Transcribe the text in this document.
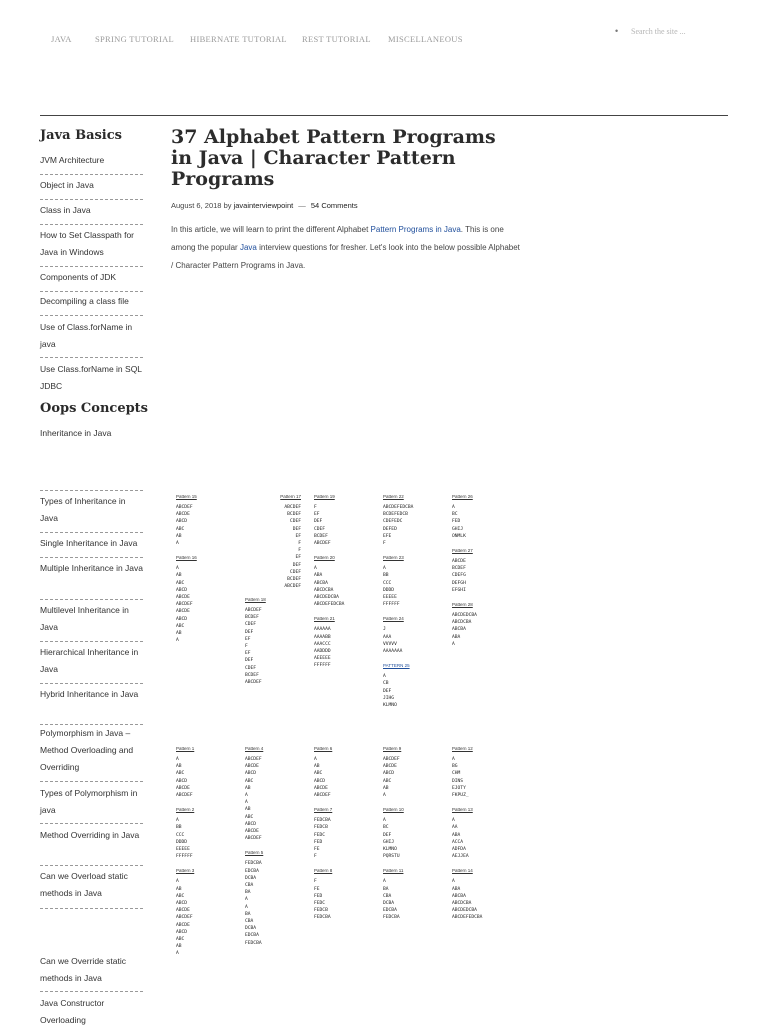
JAVA	SPRING TUTORIAL HIBERNATE TUTORIAL REST TUTORIAL MISCELLANEOUS
•
Search the site ...
Java Basics
JVM Architecture
Object in Java
Class in Java
How to Set Classpath for Java in Windows
Components of JDK
Decompiling a class file
Use of Class.forName in java
Use Class.forName in SQL JDBC
Oops Concepts
Inheritance in Java
Types of Inheritance in Java
Single Inheritance in Java
Multiple Inheritance in Java
Multilevel Inheritance in Java
Hierarchical Inheritance in Java
Hybrid Inheritance in Java
Polymorphism in Java – Method Overloading and Overriding
Types of Polymorphism in java
Method Overriding in Java
Can we Overload static methods in Java
Can we Override static methods in Java
Java Constructor Overloading
37 Alphabet Pattern Programs in Java | Character Pattern Programs
August 6, 2018 by javainterviewpoint — 54 Comments

In this article, we will learn to print the different Alphabet Pattern Programs in Java. This is one among the popular Java interview questions for fresher. Let's look into the below possible Alphabet / Character Pattern Programs in Java.

Pattern 15
ABCDEF
ABCDE
ABCD
ABC
AB
A
Pattern 16
A
AB
ABC
ABCD
ABCDE
ABCDEF
ABCDE
ABCD
ABC
AB
A
Pattern 17
ABCDEF
BCDEF
CDEF
DEF
EF
F
F
EF
DEF
CDEF
BCDEF
ABCDEF
Pattern 18
ABCDEF
BCDEF
CDEF
DEF
EF
F
EF
DEF
CDEF
BCDEF
ABCDEF
Pattern 19
F
EF
DEF
CDEF
BCDEF
ABCDEF
Pattern 20
A
ABA
ABCBA
ABCDCBA
ABCDEDCBA
ABCDEFEDCBA
Pattern 21
AAAAAA
AAAABB
AAACCC
AADDDD
AEEEEE
FFFFFF
Pattern 22
ABCDEFEDCBA
BCDEFEDCB
CDEFEDC
DEFED
EFE
F
Pattern 23
A
BB
CCC
DDDD
EEEEE
FFFFFF
Pattern 24
J
AAA
VVVVV
AAAAAAA
PATTERN 25
A
CB
DEF
JIHG
KLMNO
Pattern 26
A
BC
FED
GHIJ
ONMLK
Pattern 27
ABCDE
BCDEF
CDEFG
DEFGH
EFGHI
Pattern 28
ABCDEDCBA
ABCDCBA
ABCBA
ABA
A
Pattern 1
A
AB
ABC
ABCD
ABCDE
ABCDEF
Pattern 2
A
BB
CCC
DDDD
EEEEE
FFFFFF
Pattern 3
A
AB
ABC
ABCD
ABCDE
ABCDEF
ABCDE
ABCD
ABC
AB
A
Pattern 4
ABCDEF
ABCDE
ABCD
ABC
AB
A
A
AB
ABC
ABCD
ABCDE
ABCDEF
Pattern 5
FEDCBA
EDCBA
DCBA
CBA
BA
A
A
BA
CBA
DCBA
EDCBA
FEDCBA
Pattern 6
A
AB
ABC
ABCD
ABCDE
ABCDEF
Pattern 7
FEDCBA
FEDCB
FEDC
FED
FE
F
Pattern 8
F
FE
FED
FEDC
FEDCB
FEDCBA
Pattern 9
ABCDEF
ABCDE
ABCD
ABC
AB
A
Pattern 10
A
BC
DEF
GHIJ
KLMNO
PQRSTU
Pattern 11
A
BA
CBA
DCBA
EDCBA
FEDCBA
Pattern 12
A
BG
CHM
DINS
EJOTY
FKPUZ_
Pattern 13
A
AA
ABA
ACCA
ADFDA
AEJJEA
Pattern 14
A
ABA
ABCBA
ABCDCBA
ABCDEDCBA
ABCDEFEDCBA
